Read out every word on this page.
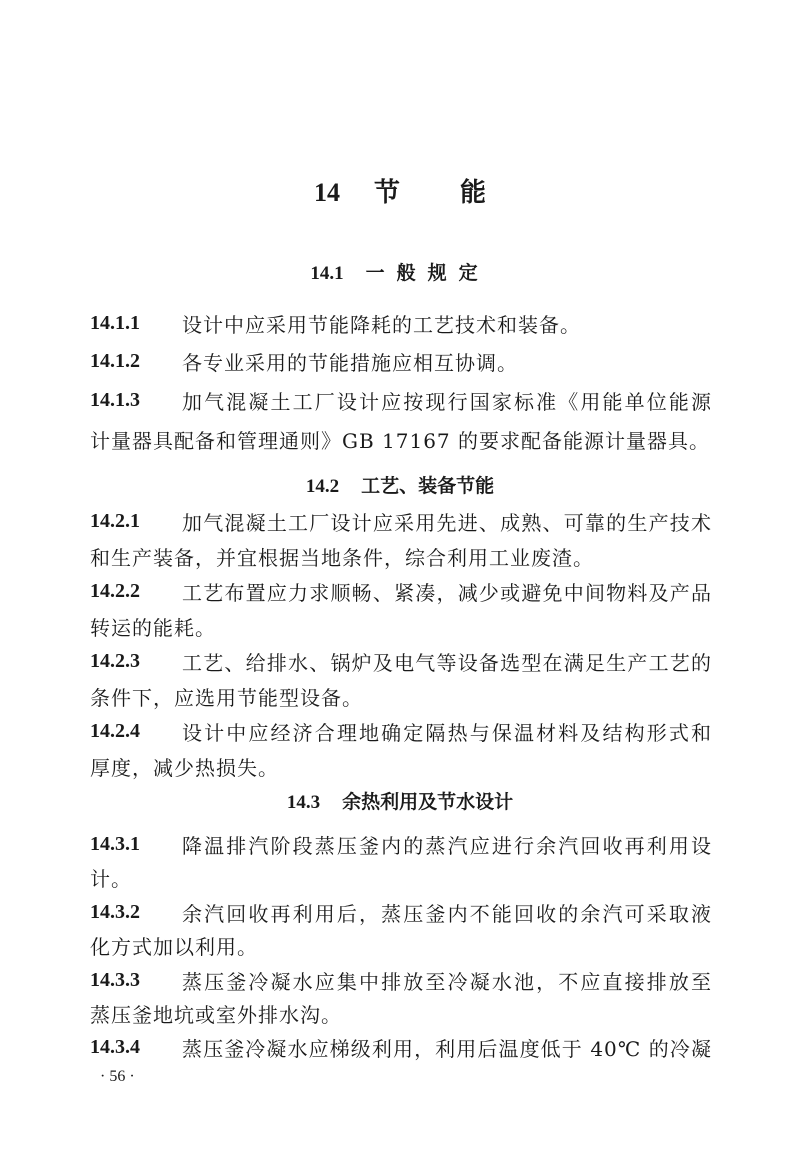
14 节 能
14.1 一般规定
14.1.1	设计中应采用节能降耗的工艺技术和装备。
14.1.2	各专业采用的节能措施应相互协调。
14.1.3	加气混凝土工厂设计应按现行国家标准《用能单位能源
计量器具配备和管理通则》GB 17167 的要求配备能源计量器具。
14.2 工艺、装备节能
14.2.1	加气混凝土工厂设计应采用先进、成熟、可靠的生产技术
和生产装备，并宜根据当地条件，综合利用工业废渣。
14.2.2	工艺布置应力求顺畅、紧凑，减少或避免中间物料及产品
转运的能耗。
14.2.3	工艺、给排水、锅炉及电气等设备选型在满足生产工艺的
条件下，应选用节能型设备。
14.2.4	设计中应经济合理地确定隔热与保温材料及结构形式和
厚度，减少热损失。
14.3 余热利用及节水设计
14.3.1	降温排汽阶段蒸压釜内的蒸汽应进行余汽回收再利用设
计。
14.3.2	余汽回收再利用后，蒸压釜内不能回收的余汽可采取液
化方式加以利用。
14.3.3	蒸压釜冷凝水应集中排放至冷凝水池，不应直接排放至
蒸压釜地坑或室外排水沟。
14.3.4	蒸压釜冷凝水应梯级利用，利用后温度低于 40℃ 的冷凝
· 56 ·
